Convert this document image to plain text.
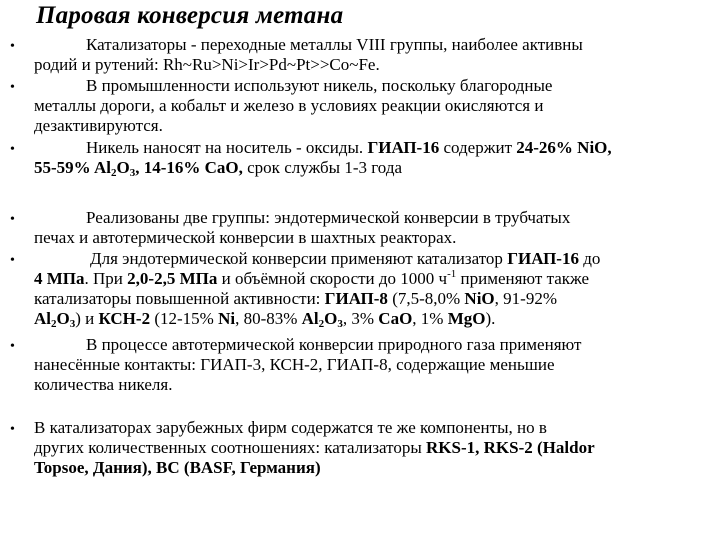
Паровая конверсия метана
•	Катализаторы - переходные металлы VIII группы, наиболее активны
родий и рутений: Rh~Ru>Ni>Ir>Pd~Pt>>Co~Fe.
•	В промышленности используют никель, поскольку благородные
металлы дороги, а кобальт и железо в условиях реакции окисляются и
дезактивируются.
•	Никель наносят на носитель - оксиды. ГИАП-16 содержит 24-26% NiO,
55-59% $Al_2O_3$, 14-16% CaO, срок службы 1-3 года
•	Реализованы две группы: эндотермической конверсии в трубчатых
печах и автотермической конверсии в шахтных реакторах.
•	Для эндотермической конверсии применяют катализатор ГИАП-16 до
4 МПа. При 2,0-2,5 МПа и объёмной скорости до 1000 $ч^{-1}$ применяют также
катализаторы повышенной активности: ГИАП-8 (7,5-8,0% NiO, 91-92%
$Al_2O_3$) и КСН-2 (12-15% Ni, 80-83% $Al_2O_3$, 3% CaO, 1% MgO).
•	В процессе автотермической конверсии природного газа применяют
нанесённые контакты: ГИАП-3, КСН-2, ГИАП-8, содержащие меньшие
количества никеля.
• В катализаторах зарубежных фирм содержатся те же компоненты, но в
других количественных соотношениях: катализаторы RKS-1, RKS-2 (Haldor
Topsoe, Дания), BC (BASF, Германия)
